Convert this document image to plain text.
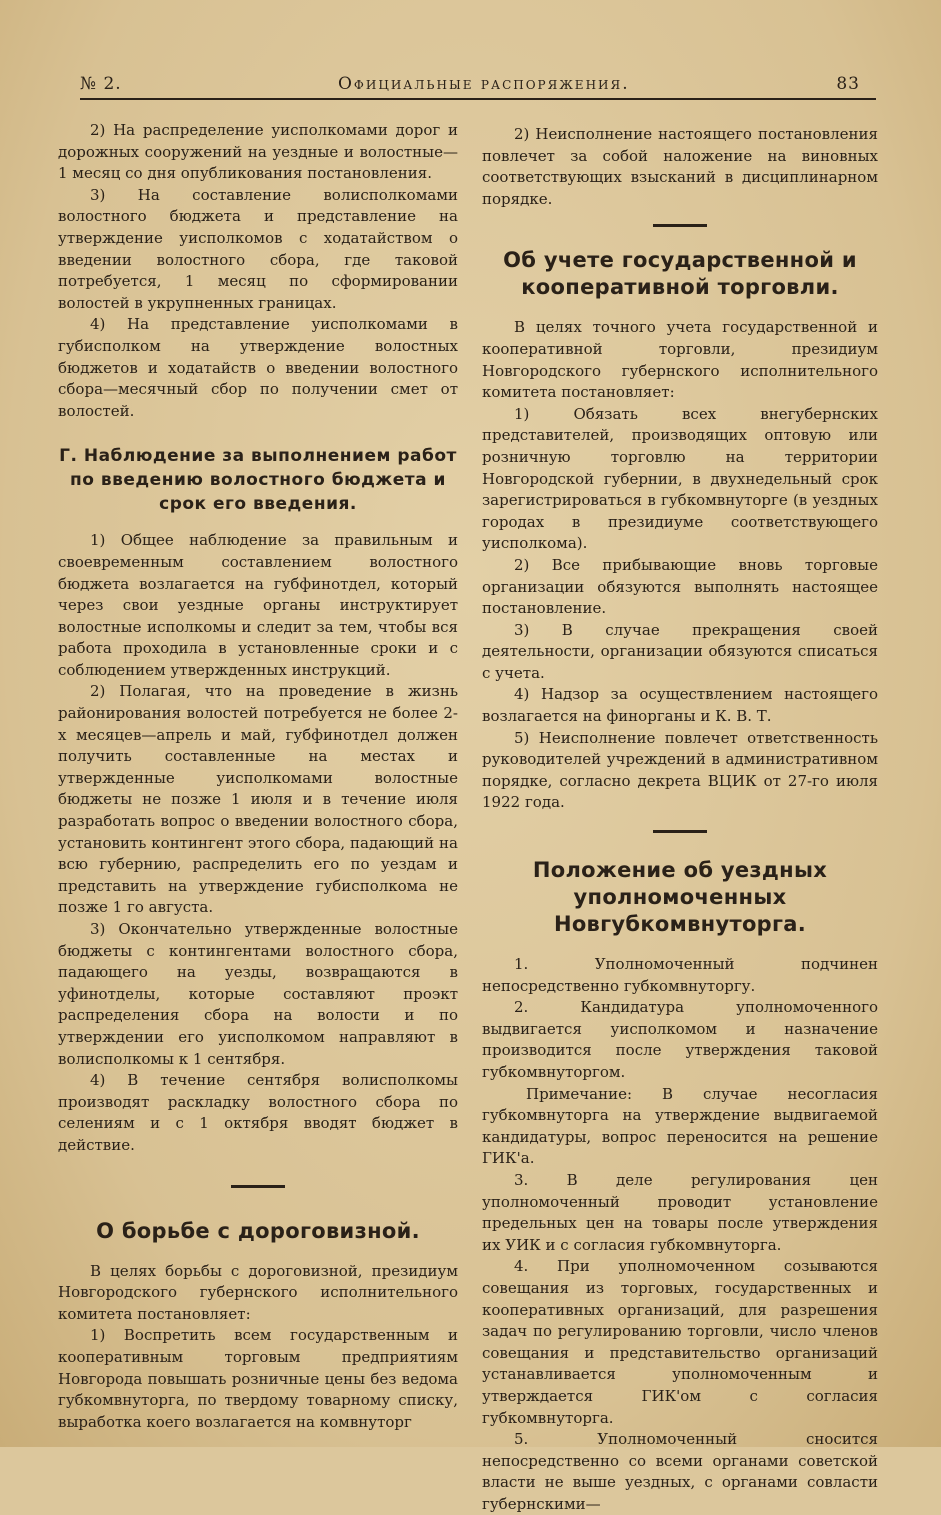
№ 2.	Официальные распоряжения.	83

2) На распределение уисполкомами дорог и дорожных сооружений на уездные и волостные— 1 месяц со дня опубликования постановления.

3) На составление волисполкомами волостного бюджета и представление на утверждение уисполкомов с ходатайством о введении волостного сбора, где таковой потребуется, 1 месяц по сформировании волостей в укрупненных границах.

4) На представление уисполкомами в губисполком на утверждение волостных бюджетов и ходатайств о введении волостного сбора—месячный сбор по получении смет от волостей.

Г. Наблюдение за выполнением работ по введению волостного бюджета и срок его введения.

1) Общее наблюдение за правильным и своевременным составлением волостного бюджета возлагается на губфинотдел, который через свои уездные органы инструктирует волостные исполкомы и следит за тем, чтобы вся работа проходила в установленные сроки и с соблюдением утвержденных инструкций.

2) Полагая, что на проведение в жизнь районирования волостей потребуется не более 2-х месяцев—апрель и май, губфинотдел должен получить составленные на местах и утвержденные уисполкомами волостные бюджеты не позже 1 июля и в течение июля разработать вопрос о введении волостного сбора, установить контингент этого сбора, падающий на всю губернию, распределить его по уездам и представить на утверждение губисполкома не позже 1 го августа.

3) Окончательно утвержденные волостные бюджеты с контингентами волостного сбора, падающего на уезды, возвращаются в уфинотделы, которые составляют проэкт распределения сбора на волости и по утверждении его уисполкомом направляют в волисполкомы к 1 сентября.

4) В течение сентября волисполкомы производят раскладку волостного сбора по селениям и с 1 октября вводят бюджет в действие.

О борьбе с дороговизной.

В целях борьбы с дороговизной, президиум Новгородского губернского исполнительного комитета постановляет:

1) Воспретить всем государственным и кооперативным торговым предприятиям Новгорода повышать розничные цены без ведома губкомвнуторга, по твердому товарному списку, выработка коего возлагается на комвнуторг

2) Неисполнение настоящего постановления повлечет за собой наложение на виновных соответствующих взысканий в дисциплинарном порядке.

Об учете государственной и кооперативной торговли.

В целях точного учета государственной и кооперативной торговли, президиум Новгородского губернского исполнительного комитета постановляет:

1) Обязать всех внегубернских представителей, производящих оптовую или розничную торговлю на территории Новгородской губернии, в двухнедельный срок зарегистрироваться в губкомвнуторге (в уездных городах в президиуме соответствующего уисполкома).

2) Все прибывающие вновь торговые организации обязуются выполнять настоящее постановление.

3) В случае прекращения своей деятельности, организации обязуются списаться с учета.

4) Надзор за осуществлением настоящего возлагается на финорганы и К. В. Т.

5) Неисполнение повлечет ответственность руководителей учреждений в административном порядке, согласно декрета ВЦИК от 27-го июля 1922 года.

Положение об уездных уполномоченных Новгубкомвнуторга.

1. Уполномоченный подчинен непосредственно губкомвнуторгу.

2. Кандидатура уполномоченного выдвигается уисполкомом и назначение производится после утверждения таковой губкомвнуторгом.

Примечание: В случае несогласия губкомвнуторга на утверждение выдвигаемой кандидатуры, вопрос переносится на решение ГИК'а.

3. В деле регулирования цен уполномоченный проводит установление предельных цен на товары после утверждения их УИК и с согласия губкомвнуторга.

4. При уполномоченном созываются совещания из торговых, государственных и кооперативных организаций, для разрешения задач по регулированию торговли, число членов совещания и представительство организаций устанавливается уполномоченным и утверждается ГИК'ом с согласия губкомвнуторга.

5. Уполномоченный сносится непосредственно со всеми органами советской власти не выше уездных, с органами совласти губернскими—
